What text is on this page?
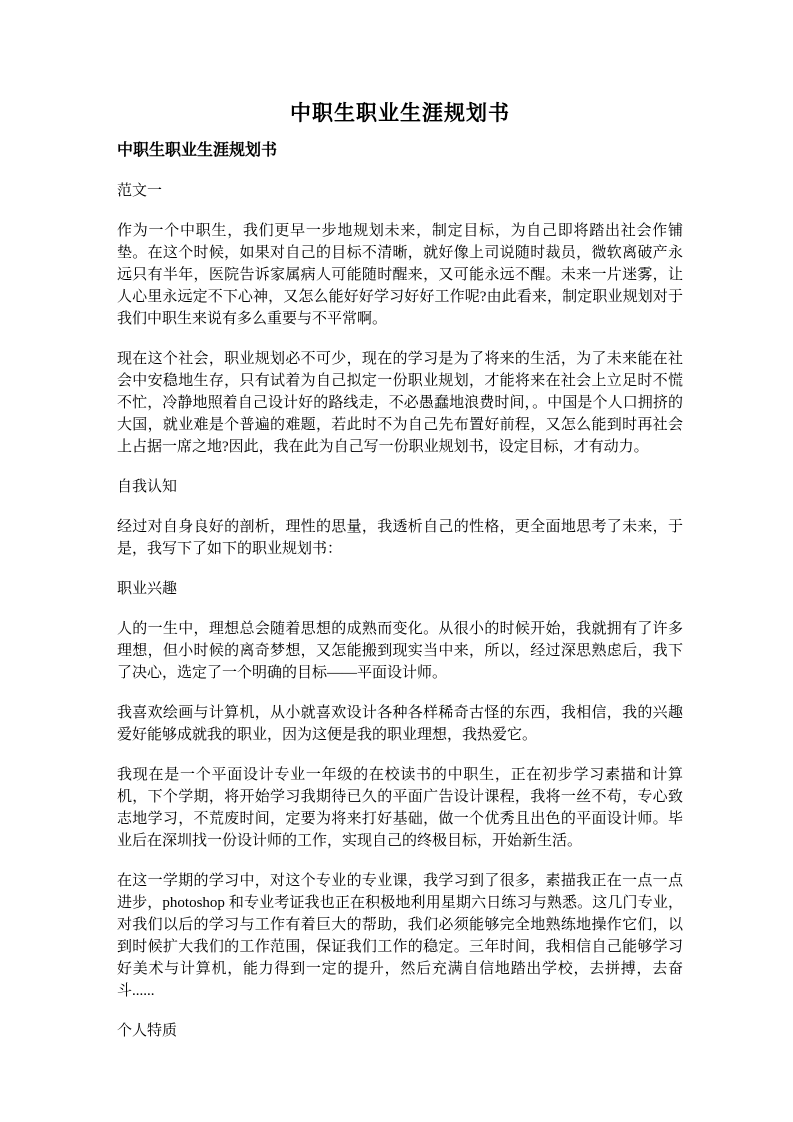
中职生职业生涯规划书
中职生职业生涯规划书
范文一

作为一个中职生，我们更早一步地规划未来，制定目标，为自己即将踏出社会作铺垫。在这个时候，如果对自己的目标不清晰，就好像上司说随时裁员，微软离破产永远只有半年，医院告诉家属病人可能随时醒来，又可能永远不醒。未来一片迷雾，让人心里永远定不下心神，又怎么能好好学习好好工作呢?由此看来，制定职业规划对于我们中职生来说有多么重要与不平常啊。

现在这个社会，职业规划必不可少，现在的学习是为了将来的生活，为了未来能在社会中安稳地生存，只有试着为自己拟定一份职业规划，才能将来在社会上立足时不慌不忙，冷静地照着自己设计好的路线走，不必愚蠢地浪费时间，。中国是个人口拥挤的大国，就业难是个普遍的难题，若此时不为自己先布置好前程，又怎么能到时再社会上占据一席之地?因此，我在此为自己写一份职业规划书，设定目标，才有动力。

自我认知

经过对自身良好的剖析，理性的思量，我透析自己的性格，更全面地思考了未来，于是，我写下了如下的职业规划书：

职业兴趣

人的一生中，理想总会随着思想的成熟而变化。从很小的时候开始，我就拥有了许多理想，但小时候的离奇梦想，又怎能搬到现实当中来，所以，经过深思熟虑后，我下了决心，选定了一个明确的目标——平面设计师。

我喜欢绘画与计算机，从小就喜欢设计各种各样稀奇古怪的东西，我相信，我的兴趣爱好能够成就我的职业，因为这便是我的职业理想，我热爱它。

我现在是一个平面设计专业一年级的在校读书的中职生，正在初步学习素描和计算机，下个学期，将开始学习我期待已久的平面广告设计课程，我将一丝不苟，专心致志地学习，不荒废时间，定要为将来打好基础，做一个优秀且出色的平面设计师。毕业后在深圳找一份设计师的工作，实现自己的终极目标，开始新生活。

在这一学期的学习中，对这个专业的专业课，我学习到了很多，素描我正在一点一点进步，photoshop 和专业考证我也正在积极地利用星期六日练习与熟悉。这几门专业，对我们以后的学习与工作有着巨大的帮助，我们必须能够完全地熟练地操作它们，以到时候扩大我们的工作范围，保证我们工作的稳定。三年时间，我相信自己能够学习好美术与计算机，能力得到一定的提升，然后充满自信地踏出学校，去拼搏，去奋斗......

个人特质
